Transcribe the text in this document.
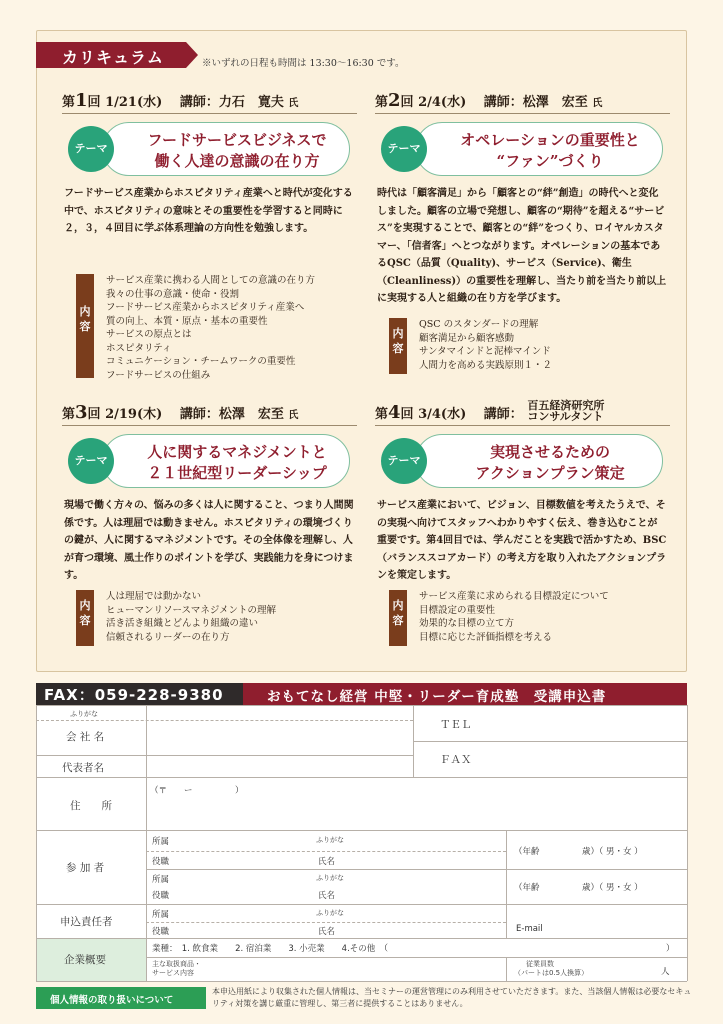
カリキュラム	※いずれの日程も時間は 13:30〜16:30 です。
第1回 1/21(水)　 講師：力石　寛夫 氏
テーマ	フードサービスビジネスで
働く人達の意識の在り方
フードサービス産業からホスピタリティ産業へと時代が変化する中で、ホスピタリティの意味とその重要性を学習すると同時に２，３，４回目に学ぶ体系理論の方向性を勉強します。
内
容
サービス産業に携わる人間としての意識の在り方
我々の仕事の意識・使命・役割
フードサービス産業からホスピタリティ産業へ
質の向上、本質・原点・基本の重要性
サービスの原点とは
ホスピタリティ
コミュニケーション・チームワークの重要性
フードサービスの仕組み
第2回 2/4(水)　 講師：松澤　宏至 氏
テーマ	オペレーションの重要性と
“ファン”づくり
時代は「顧客満足」から「顧客との“絆”創造」の時代へと変化しました。顧客の立場で発想し、顧客の“期待”を超える“サービス”を実現することで、顧客との“絆”をつくり、ロイヤルカスタマー、「信者客」へとつながります。オペレーションの基本であるQSC（品質（Quality)、サービス（Service)、衛生（Cleanliness)）の重要性を理解し、当たり前を当たり前以上に実現する人と組織の在り方を学びます。
内
容
QSC のスタンダードの理解
顧客満足から顧客感動
サンタマインドと泥棒マインド
人間力を高める実践原則１・２
第3回 2/19(木)　 講師：松澤　宏至 氏
テーマ	人に関するマネジメントと
２１世紀型リーダーシップ
現場で働く方々の、悩みの多くは人に関すること、つまり人間関係です。人は理屈では動きません。ホスピタリティの環境づくりの鍵が、人に関するマネジメントです。その全体像を理解し、人が育つ環境、風土作りのポイントを学び、実践能力を身につけます。
内
容
人は理屈では動かない
ヒューマンリソースマネジメントの理解
活き活き組織とどんより組織の違い
信頼されるリーダーの在り方
第4回 3/4(水)　 講師：
百五経済研究所
コンサルタント
テーマ	実現させるための
アクションプラン策定
サービス産業において、ビジョン、目標数値を考えたうえで、その実現へ向けてスタッフへわかりやすく伝え、巻き込むことが重要です。第4回目では、学んだことを実践で活かすため、BSC（バランススコアカード）の考え方を取り入れたアクションプランを策定します。
内
容
サービス産業に求められる目標設定について
目標設定の重要性
効果的な目標の立て方
目標に応じた評価指標を考える
FAX：059-228-9380	おもてなし経営 中堅・リーダー育成塾　受講申込書
ふりがな
会 社 名
ＴＥＬ
ＦＡＸ
代表者名
住　　所
（〒　　ー　　　　　）
参 加 者
所属	ふりがな
役職	氏名
（年齢　　　　　歳）（ 男・女 ）
所属	ふりがな
役職	氏名
（年齢　　　　　歳）（ 男・女 ）
申込責任者
所属	ふりがな
役職	氏名	E-mail
企業概要
業種：　1. 飲食業　　2. 宿泊業　　3. 小売業　　4.その他　（	）
主な取扱商品・
サービス内容
従業員数
（パートは0.5人換算）	人
個人情報の取り扱いについて
本申込用紙により収集された個人情報は、当セミナーの運営管理にのみ利用させていただきます。また、当該個人情報は必要なセキュリティ対策を講じ厳重に管理し、第三者に提供することはありません。
